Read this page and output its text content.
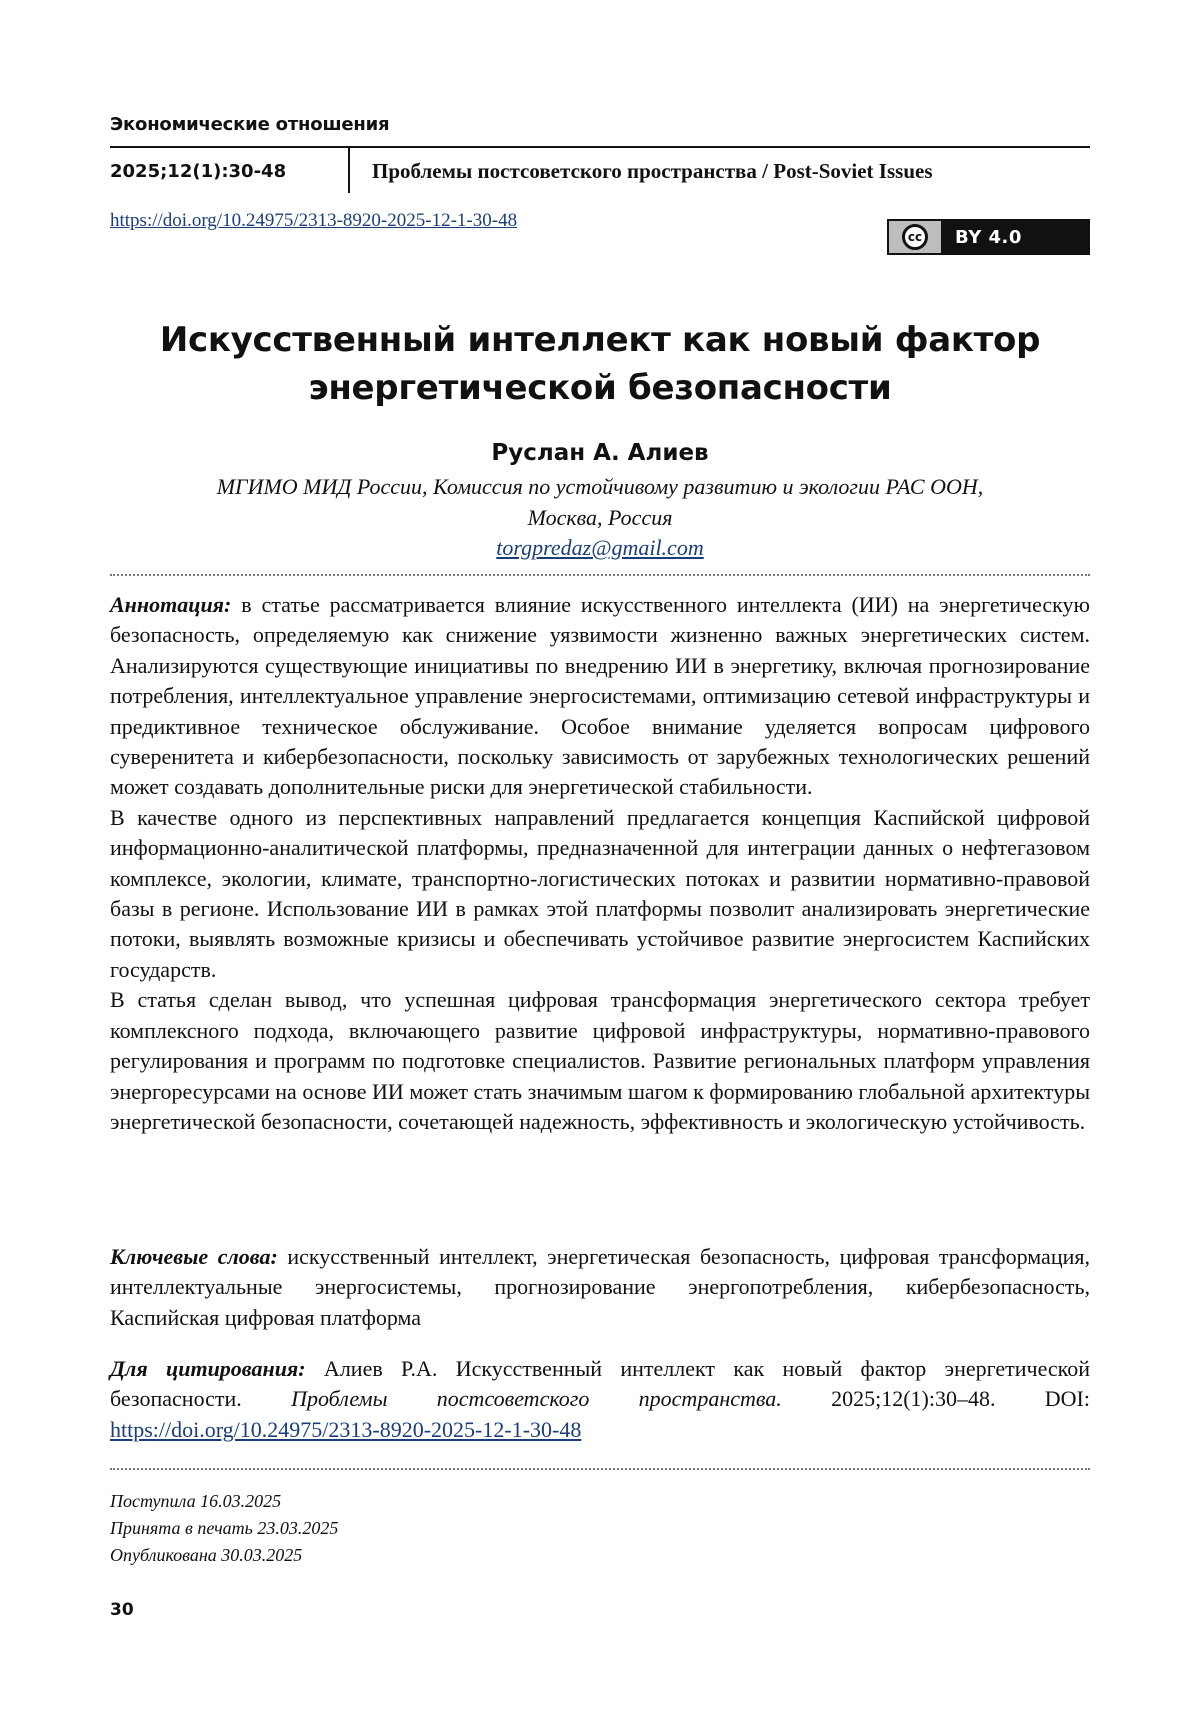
Экономические отношения
2025;12(1):30-48	Проблемы постсоветского пространства / Post-Soviet Issues
https://doi.org/10.24975/2313-8920-2025-12-1-30-48
cc	BY 4.0
Искусственный интеллект как новый фактор
энергетической безопасности
Руслан А. Алиев
МГИМО МИД России, Комиссия по устойчивому развитию и экологии РАС ООН,
Москва, Россия
torgpredaz@gmail.com

Аннотация: в статье рассматривается влияние искусственного интеллекта (ИИ) на энергетическую безопасность, определяемую как снижение уязвимости жизненно важных энергетических систем. Анализируются существующие инициативы по внедрению ИИ в энергетику, включая прогнозирование потребления, интеллектуальное управление энергосистемами, оптимизацию сетевой инфраструктуры и предиктивное техническое обслуживание. Особое внимание уделяется вопросам цифрового суверенитета и кибербезопасности, поскольку зависимость от зарубежных технологических решений может создавать дополнительные риски для энергетической стабильности.

В качестве одного из перспективных направлений предлагается концепция Каспийской цифровой информационно-аналитической платформы, предназначенной для интеграции данных о нефтегазовом комплексе, экологии, климате, транспортно-логистических потоках и развитии нормативно-правовой базы в регионе. Использование ИИ в рамках этой платформы позволит анализировать энергетические потоки, выявлять возможные кризисы и обеспечивать устойчивое развитие энергосистем Каспийских государств.

В статья сделан вывод, что успешная цифровая трансформация энергетического сектора требует комплексного подхода, включающего развитие цифровой инфраструктуры, нормативно-правового регулирования и программ по подготовке специалистов. Развитие региональных платформ управления энергоресурсами на основе ИИ может стать значимым шагом к формированию глобальной архитектуры энергетической безопасности, сочетающей надежность, эффективность и экологическую устойчивость.

Ключевые слова: искусственный интеллект, энергетическая безопасность, цифровая трансформация, интеллектуальные энергосистемы, прогнозирование энергопотребления, кибербезопасность, Каспийская цифровая платформа

Для цитирования: Алиев Р.А. Искусственный интеллект как новый фактор энергетической безопасности. Проблемы постсоветского пространства. 2025;12(1):30–48. DOI: https://doi.org/10.24975/2313-8920-2025-12-1-30-48

Поступила 16.03.2025
Принята в печать 23.03.2025
Опубликована 30.03.2025
30
